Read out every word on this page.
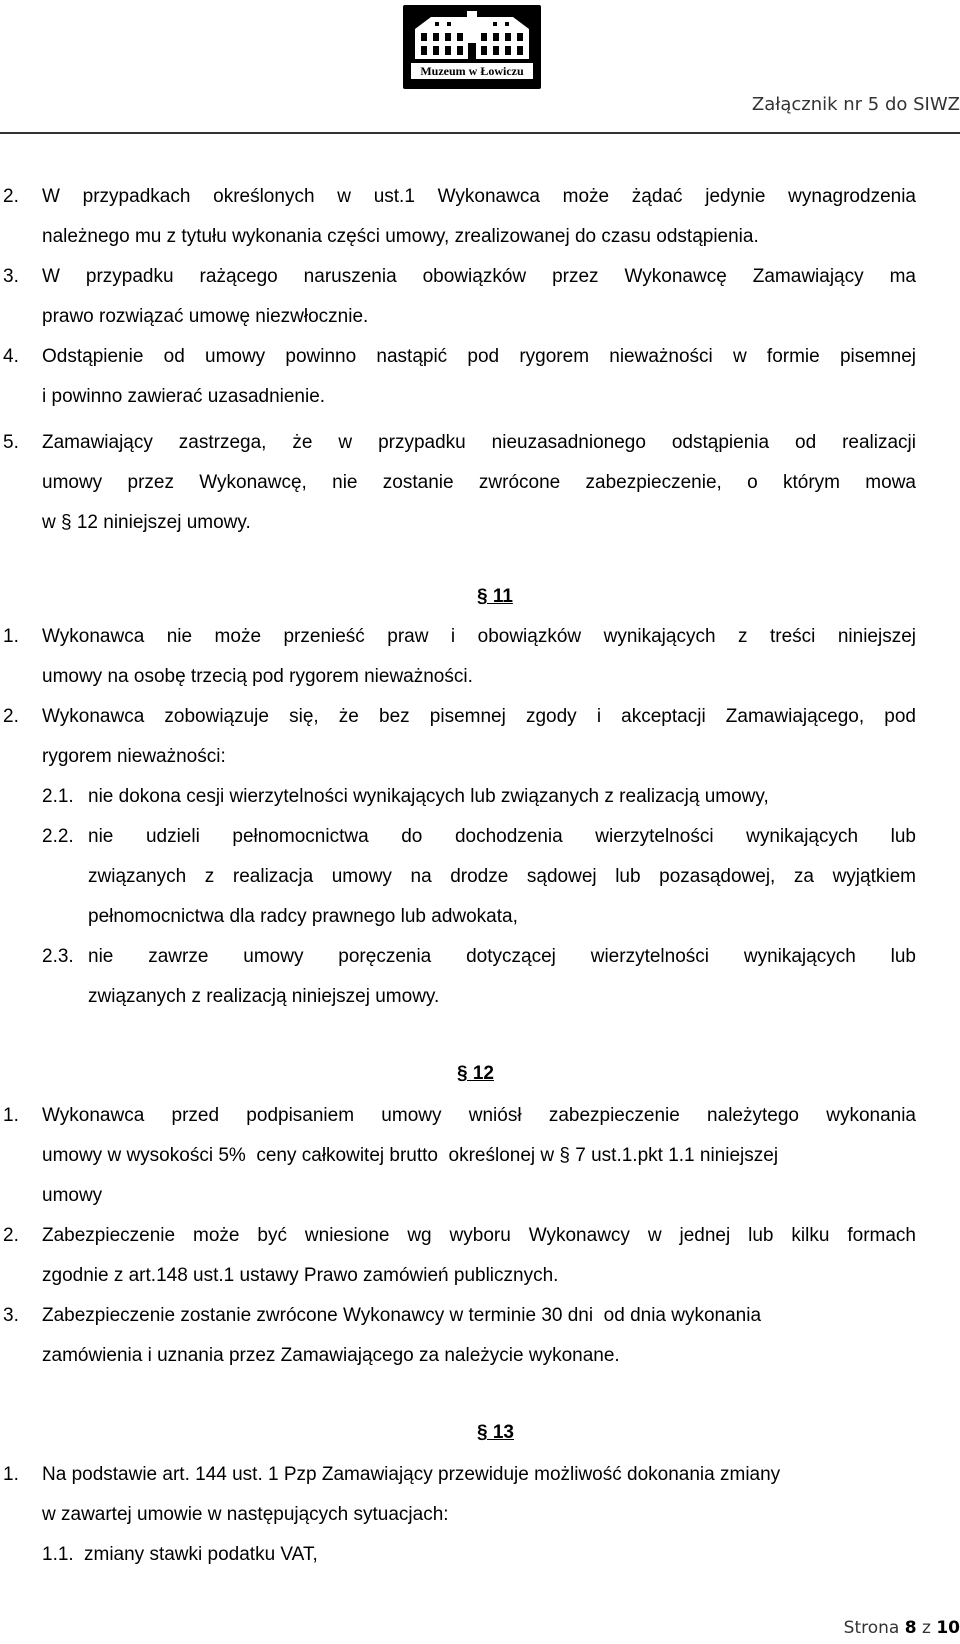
Muzeum w Łowiczu
Załącznik nr 5 do SIWZ
2. W przypadkach określonych w ust.1 Wykonawca może żądać jedynie wynagrodzenia
należnego mu z tytułu wykonania części umowy, zrealizowanej do czasu odstąpienia.
3. W przypadku rażącego naruszenia obowiązków przez Wykonawcę Zamawiający ma
prawo rozwiązać umowę niezwłocznie.
4. Odstąpienie od umowy powinno nastąpić pod rygorem nieważności w formie pisemnej
i powinno zawierać uzasadnienie.
5. Zamawiający zastrzega, że w przypadku nieuzasadnionego odstąpienia od realizacji
umowy przez Wykonawcę, nie zostanie zwrócone zabezpieczenie, o którym mowa
w § 12 niniejszej umowy.
§ 11
1. Wykonawca nie może przenieść praw i obowiązków wynikających z treści niniejszej
umowy na osobę trzecią pod rygorem nieważności.
2. Wykonawca zobowiązuje się, że bez pisemnej zgody i akceptacji Zamawiającego, pod
rygorem nieważności:
2.1. nie dokona cesji wierzytelności wynikających lub związanych z realizacją umowy,
2.2. nie udzieli pełnomocnictwa do dochodzenia wierzytelności wynikających lub
związanych z realizacja umowy na drodze sądowej lub pozasądowej, za wyjątkiem
pełnomocnictwa dla radcy prawnego lub adwokata,
2.3. nie zawrze umowy poręczenia dotyczącej wierzytelności wynikających lub
związanych z realizacją niniejszej umowy.
§ 12
1. Wykonawca przed podpisaniem umowy wniósł zabezpieczenie należytego wykonania
umowy w wysokości 5%  ceny całkowitej brutto  określonej w § 7 ust.1.pkt 1.1 niniejszej
umowy
2. Zabezpieczenie może być wniesione wg wyboru Wykonawcy w jednej lub kilku formach
zgodnie z art.148 ust.1 ustawy Prawo zamówień publicznych.
3. Zabezpieczenie zostanie zwrócone Wykonawcy w terminie 30 dni  od dnia wykonania
zamówienia i uznania przez Zamawiającego za należycie wykonane.
§ 13
1. Na podstawie art. 144 ust. 1 Pzp Zamawiający przewiduje możliwość dokonania zmiany
w zawartej umowie w następujących sytuacjach:
1.1. zmiany stawki podatku VAT,
Strona 8 z 10
